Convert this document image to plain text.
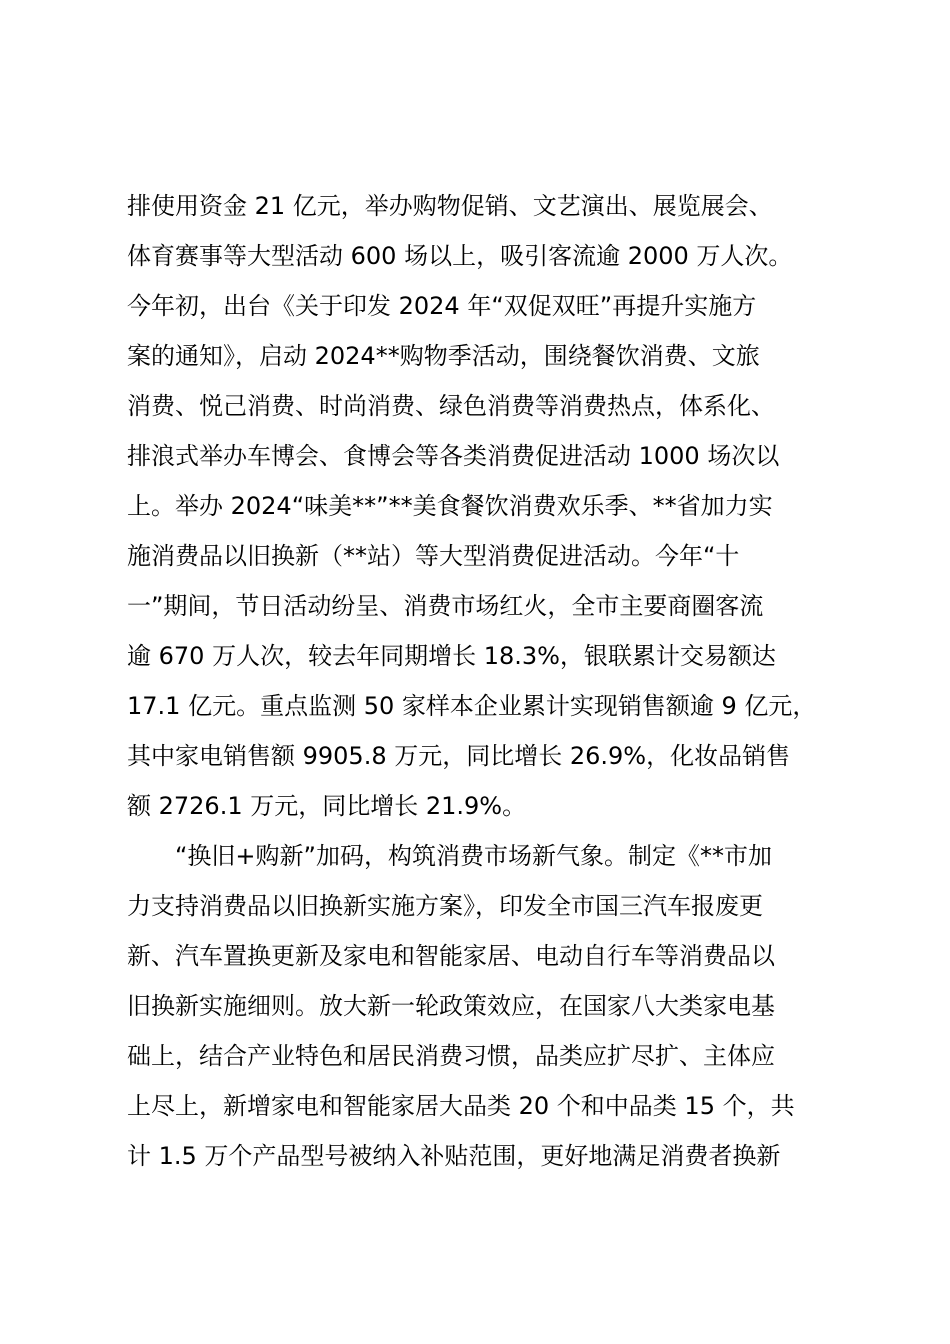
排使用资金 21 亿元，举办购物促销、文艺演出、展览展会、
体育赛事等大型活动 600 场以上，吸引客流逾 2000 万人次。
今年初，出台《关于印发 2024 年“双促双旺”再提升实施方
案的通知》，启动 2024**购物季活动，围绕餐饮消费、文旅
消费、悦己消费、时尚消费、绿色消费等消费热点，体系化、
排浪式举办车博会、食博会等各类消费促进活动 1000 场次以
上。举办 2024“味美**”**美食餐饮消费欢乐季、**省加力实
施消费品以旧换新（**站）等大型消费促进活动。今年“十
一”期间，节日活动纷呈、消费市场红火，全市主要商圈客流
逾 670 万人次，较去年同期增长 18.3%，银联累计交易额达
17.1 亿元。重点监测 50 家样本企业累计实现销售额逾 9 亿元，
其中家电销售额 9905.8 万元，同比增长 26.9%，化妆品销售
额 2726.1 万元，同比增长 21.9%。
“换旧+购新”加码，构筑消费市场新气象。制定《**市加
力支持消费品以旧换新实施方案》，印发全市国三汽车报废更
新、汽车置换更新及家电和智能家居、电动自行车等消费品以
旧换新实施细则。放大新一轮政策效应，在国家八大类家电基
础上，结合产业特色和居民消费习惯，品类应扩尽扩、主体应
上尽上，新增家电和智能家居大品类 20 个和中品类 15 个，共
计 1.5 万个产品型号被纳入补贴范围，更好地满足消费者换新
